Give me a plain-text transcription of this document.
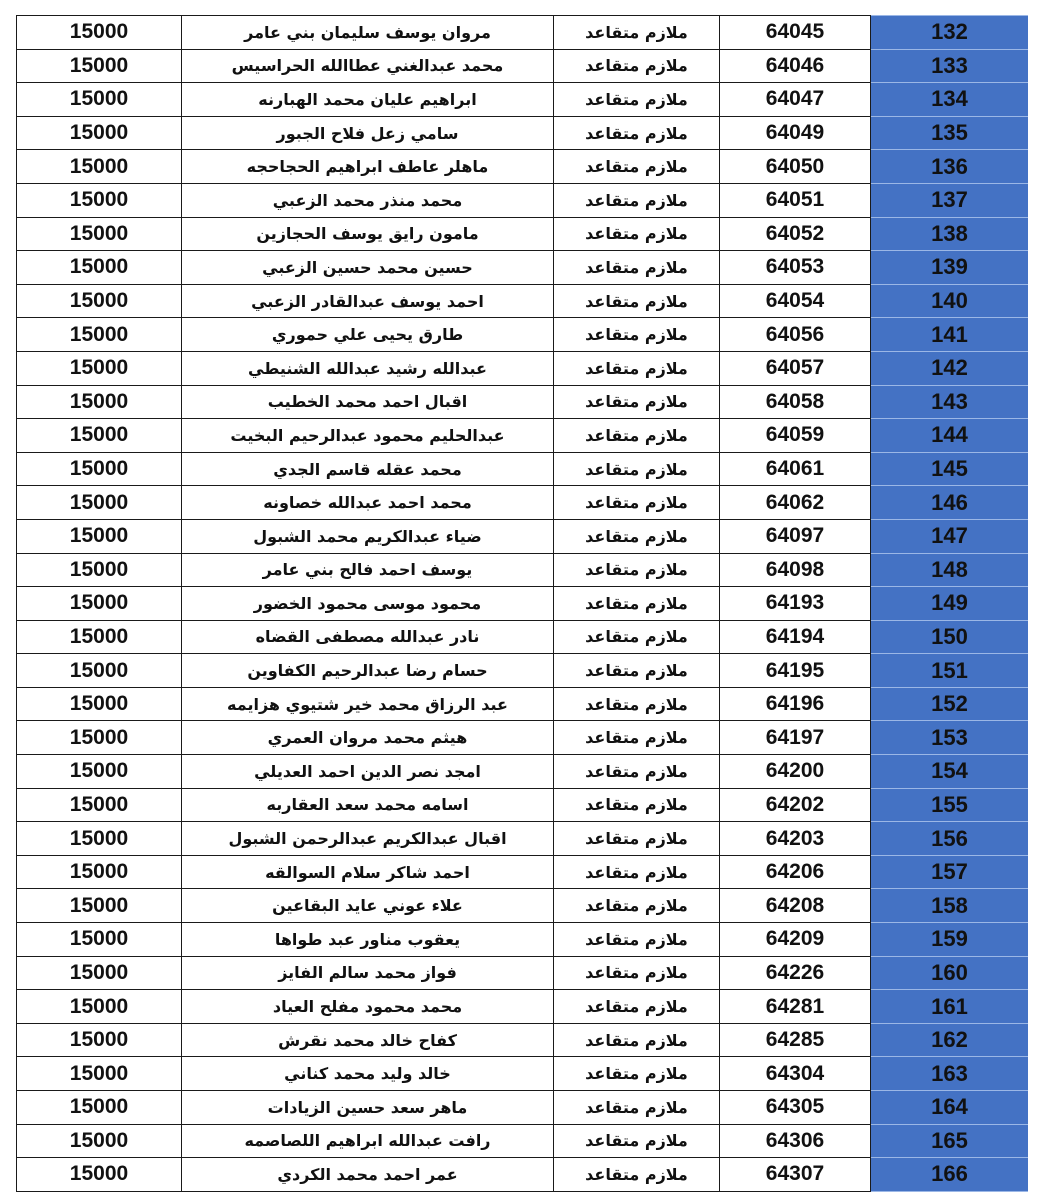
15000	مروان يوسف سليمان بني عامر	ملازم متقاعد	64045	132

15000	محمد عبدالغني عطاالله الحراسيس	ملازم متقاعد	64046	133

15000	ابراهيم عليان محمد الهبارنه	ملازم متقاعد	64047	134

15000	سامي زعل فلاح الجبور	ملازم متقاعد	64049	135

15000	ماهلر عاطف ابراهيم الحجاحجه	ملازم متقاعد	64050	136

15000	محمد منذر محمد الزعبي	ملازم متقاعد	64051	137

15000	مامون رايق يوسف الحجازين	ملازم متقاعد	64052	138

15000	حسين محمد حسين الزعبي	ملازم متقاعد	64053	139

15000	احمد يوسف عبدالقادر الزعبي	ملازم متقاعد	64054	140

15000	طارق يحيى علي حموري	ملازم متقاعد	64056	141

15000	عبدالله رشيد عبدالله الشنيطي	ملازم متقاعد	64057	142

15000	اقبال احمد محمد الخطيب	ملازم متقاعد	64058	143

15000	عبدالحليم محمود عبدالرحيم البخيت	ملازم متقاعد	64059	144

15000	محمد عقله قاسم الجدي	ملازم متقاعد	64061	145

15000	محمد احمد عبدالله خصاونه	ملازم متقاعد	64062	146

15000	ضياء عبدالكريم محمد الشبول	ملازم متقاعد	64097	147

15000	يوسف احمد فالح بني عامر	ملازم متقاعد	64098	148

15000	محمود موسى محمود الخضور	ملازم متقاعد	64193	149

15000	نادر عبدالله مصطفى القضاه	ملازم متقاعد	64194	150

15000	حسام رضا عبدالرحيم الكفاوين	ملازم متقاعد	64195	151

15000	عبد الرزاق محمد خير شتيوي هزايمه	ملازم متقاعد	64196	152

15000	هيثم محمد مروان العمري	ملازم متقاعد	64197	153

15000	امجد نصر الدين احمد العديلي	ملازم متقاعد	64200	154

15000	اسامه محمد سعد العقاربه	ملازم متقاعد	64202	155

15000	اقبال عبدالكريم عبدالرحمن الشبول	ملازم متقاعد	64203	156

15000	احمد شاكر سلام السوالقه	ملازم متقاعد	64206	157

15000	علاء عوني عايد البقاعين	ملازم متقاعد	64208	158

15000	يعقوب مناور عبد طواها	ملازم متقاعد	64209	159

15000	فواز محمد سالم الفايز	ملازم متقاعد	64226	160

15000	محمد محمود مفلح العياد	ملازم متقاعد	64281	161

15000	كفاح خالد محمد نقرش	ملازم متقاعد	64285	162

15000	خالد وليد محمد كناني	ملازم متقاعد	64304	163

15000	ماهر سعد حسين الزيادات	ملازم متقاعد	64305	164

15000	رافت عبدالله ابراهيم اللصاصمه	ملازم متقاعد	64306	165

15000	عمر احمد محمد الكردي	ملازم متقاعد	64307	166
